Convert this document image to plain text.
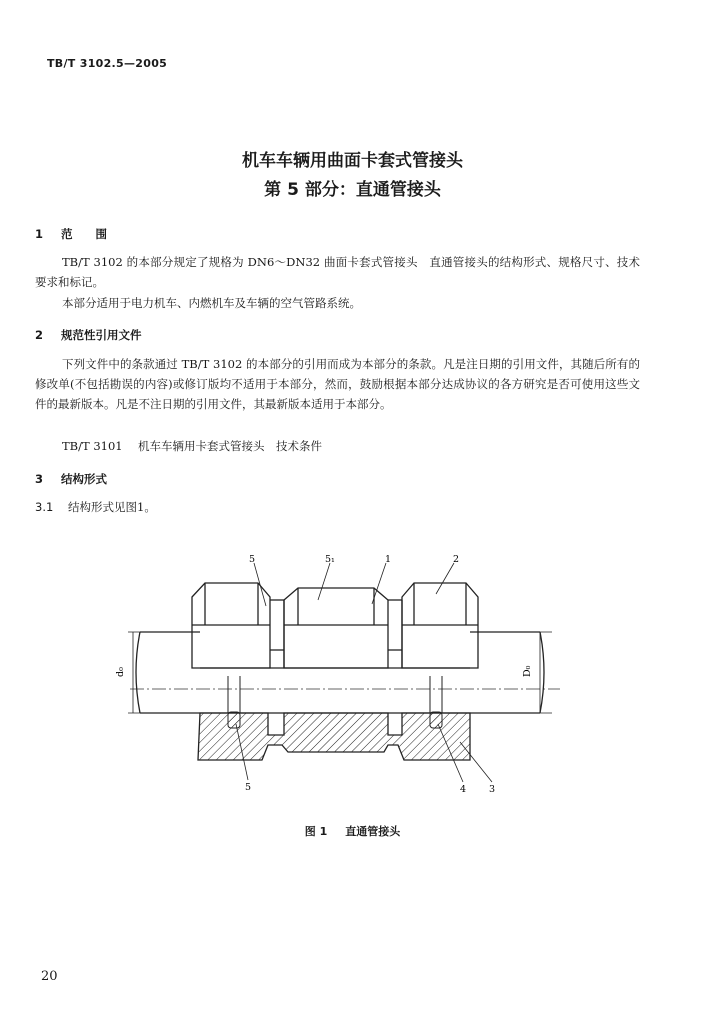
TB/T 3102.5—2005
机车车辆用曲面卡套式管接头
第 5 部分：直通管接头
1 范　　围
TB/T 3102 的本部分规定了规格为 DN6～DN32 曲面卡套式管接头　直通管接头的结构形式、规格尺寸、技术要求和标记。
本部分适用于电力机车、内燃机车及车辆的空气管路系统。
2 规范性引用文件
下列文件中的条款通过 TB/T 3102 的本部分的引用而成为本部分的条款。凡是注日期的引用文件，其随后所有的修改单(不包括勘误的内容)或修订版均不适用于本部分，然而，鼓励根据本部分达成协议的各方研究是否可使用这些文件的最新版本。凡是不注日期的引用文件，其最新版本适用于本部分。
TB/T 3101 机车车辆用卡套式管接头　技术条件
3 结构形式
3.1 结构形式见图1。
5	5₁	1	2
5	4 3
d₀	D₀
图 1 直通管接头
20
